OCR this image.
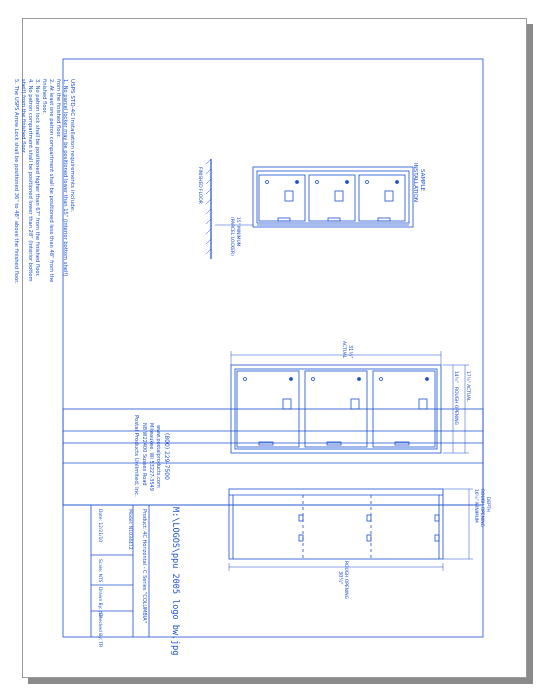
USPS STD-4C Installation requirements include:
1. No parcel locker may be positioned lower than 15" (interior bottom shelf)
from the finished floor.
2. At least one patron compartment shall be positioned less than 48" from the
finished floor.
3. No patron lock shall be positioned higher than 67" from the finished floor.
4. No patron compartment shall be positioned lower than 28" (interior bottom
shelf) from the finished floor.
5. The USPS Arrow Lock shall be positioned 36" to 48" above the finished floor.	SAMPLE
INSTALLATION
FINISHED FLOOR
15" MINIMUM
(PARCEL LOCKER)
31½"
ACTUAL
14⅛"
ROUGH OPENING
17⅛" ACTUAL
16⅞" MINIMUM ROUGH OPENING DEPTH
30¼" ROUGH OPENING
Postal Products Unlimited, Inc. N8 W22400 Sussex Road Milwaukee, WI 53227-3549 www.postalproducts.com (800) 229-7500
M:\LOGOS\ppu 2005 logo bw.jpg
Product: 4C Horizontal - C Series "COLUMBIA"
Model: N1034412
Date: 12/21/10
Scale: NTS
Drawn By: JSH
Checked By: TR
